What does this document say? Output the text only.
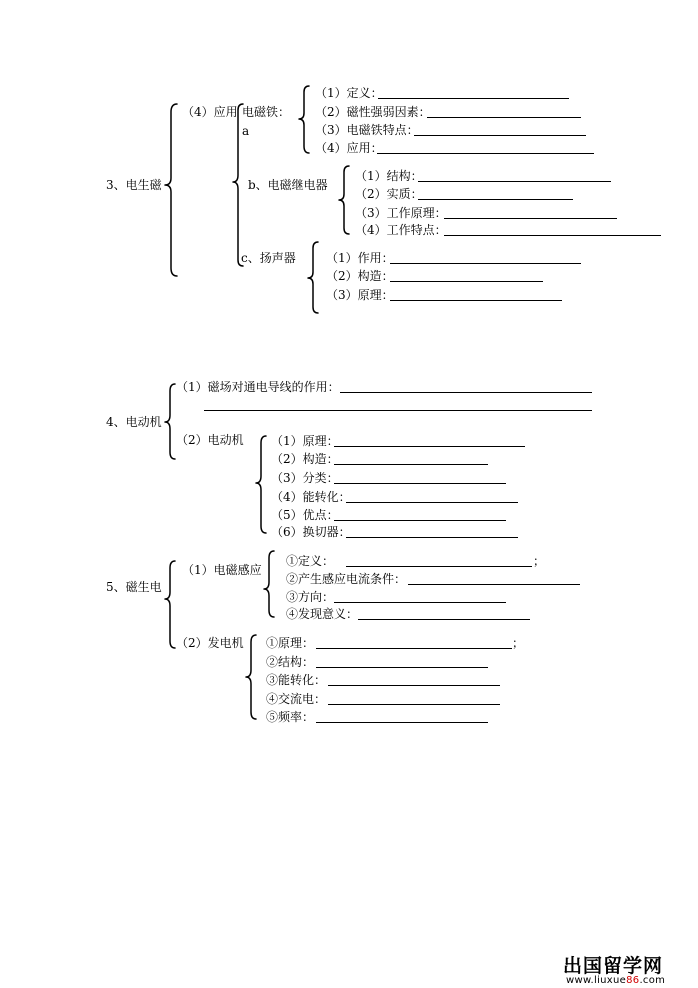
3、电生磁
（4）应用 电磁铁：
a
（1）定义：
（2）磁性强弱因素：
（3）电磁铁特点：
（4）应用：
b、电磁继电器
（1）结构：
（2）实质：
（3）工作原理：
（4）工作特点：
c、扬声器	（1）作用：
（2）构造：
（3）原理：
4、电动机
（1）磁场对通电导线的作用：
（2）电动机 （1）原理：
（2）构造：
（3）分类：
（4）能转化：
（5）优点：
（6）换切器：
5、磁生电
（1）电磁感应
①定义：	；
②产生感应电流条件：
③方向：
④发现意义：
（2）发电机 ①原理：	；
②结构：
③能转化：
④交流电：
⑤频率：
出国留学网
www.liuxue86.com
